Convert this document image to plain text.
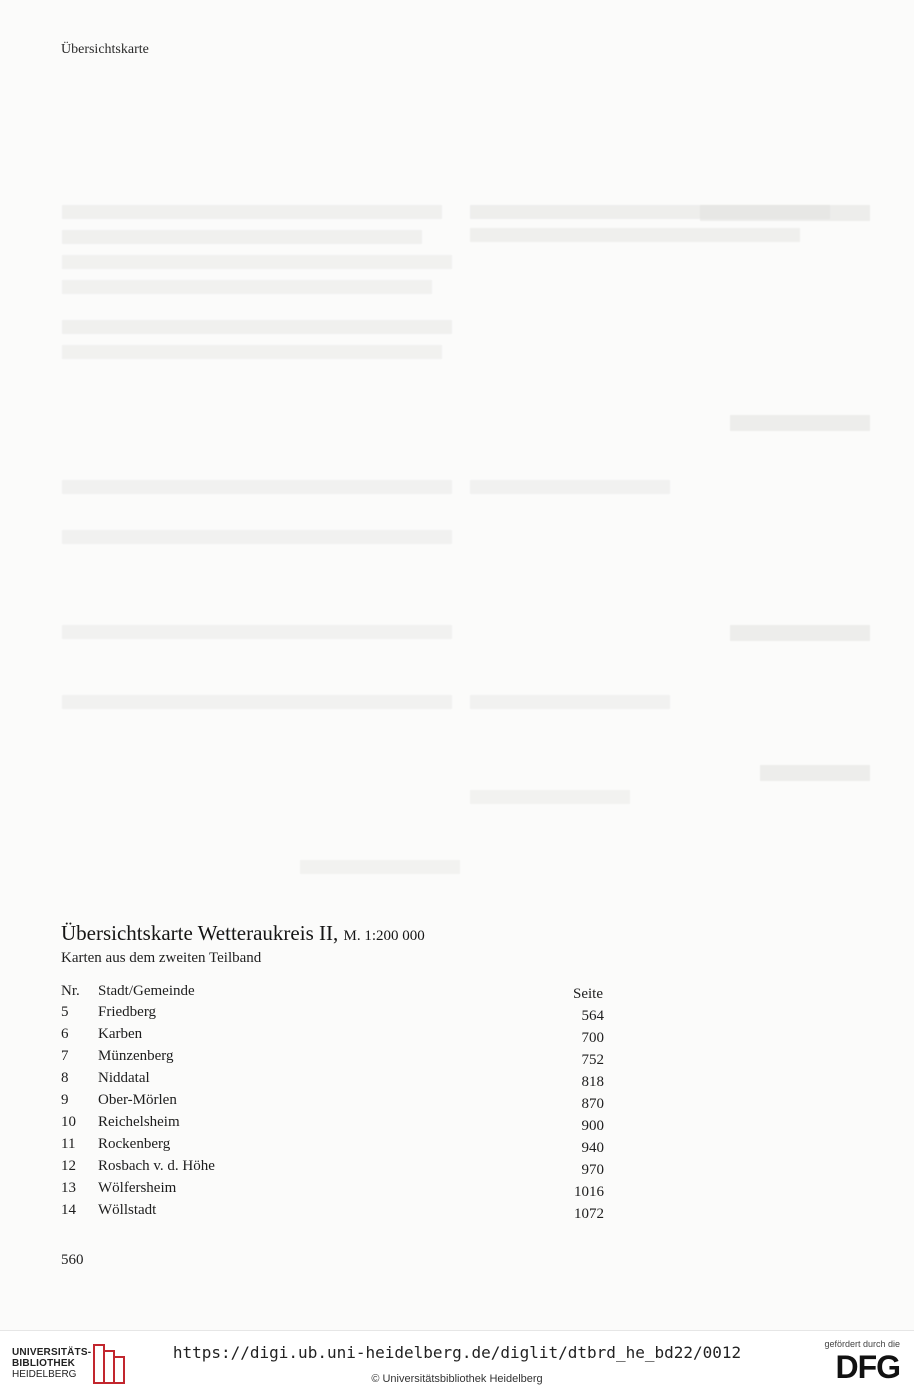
Übersichtskarte
Übersichtskarte Wetteraukreis II, M. 1:200 000
Karten aus dem zweiten Teilband
Nr. Stadt/Gemeinde	Seite
5 Friedberg	564
6 Karben	700
7 Münzenberg	752
8 Niddatal	818
9 Ober-Mörlen	870
10 Reichelsheim	900
11 Rockenberg	940
12 Rosbach v. d. Höhe	970
13 Wölfersheim	1016
14 Wöllstadt	1072
560
UNIVERSITÄTS-
BIBLIOTHEK
HEIDELBERG
https://digi.ub.uni-heidelberg.de/diglit/dtbrd_he_bd22/0012
© Universitätsbibliothek Heidelberg
gefördert durch die
DFG
